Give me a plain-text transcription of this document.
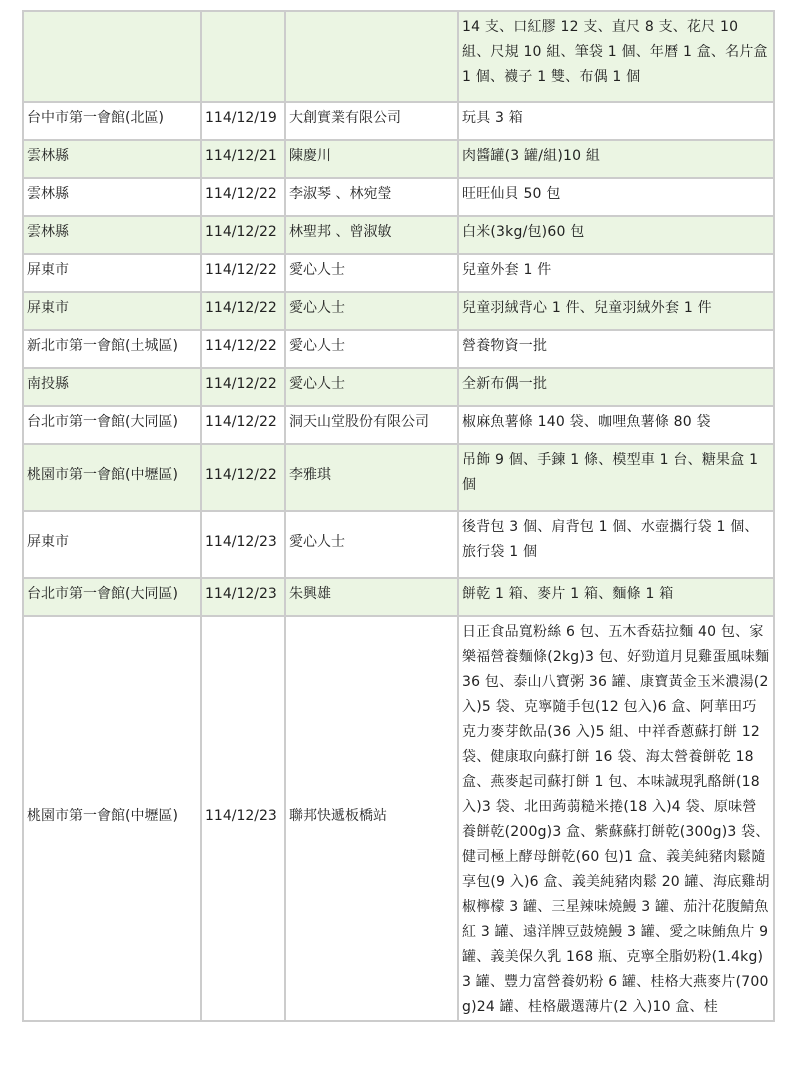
			14 支、口紅膠 12 支、直尺 8 支、花尺 10 組、尺規 10 組、筆袋 1 個、年曆 1 盒、名片盒 1 個、襪子 1 雙、布偶 1 個
台中市第一會館(北區)	114/12/19	大創實業有限公司	玩具 3 箱
雲林縣	114/12/21	陳慶川	肉醬罐(3 罐/組)10 組
雲林縣	114/12/22	李淑琴 、林宛瑩	旺旺仙貝 50 包
雲林縣	114/12/22	林聖邦 、曾淑敏	白米(3kg/包)60 包
屏東市	114/12/22	愛心人士	兒童外套 1 件
屏東市	114/12/22	愛心人士	兒童羽絨背心 1 件、兒童羽絨外套 1 件
新北市第一會館(土城區)	114/12/22	愛心人士	營養物資一批
南投縣	114/12/22	愛心人士	全新布偶一批
台北市第一會館(大同區)	114/12/22	洞天山堂股份有限公司	椒麻魚薯條 140 袋、咖哩魚薯條 80 袋
桃園市第一會館(中壢區)	114/12/22	李雅琪	吊飾 9 個、手鍊 1 條、模型車 1 台、糖果盒 1 個
屏東市	114/12/23	愛心人士	後背包 3 個、肩背包 1 個、水壺攜行袋 1 個、旅行袋 1 個
台北市第一會館(大同區)	114/12/23	朱興雄	餅乾 1 箱、麥片 1 箱、麵條 1 箱
桃園市第一會館(中壢區)	114/12/23	聯邦快遞板橋站	日正食品寬粉絲 6 包、五木香菇拉麵 40 包、家樂福營養麵條(2kg)3 包、好勁道月見雞蛋風味麵 36 包、泰山八寶粥 36 罐、康寶黃金玉米濃湯(2 入)5 袋、克寧隨手包(12 包入)6 盒、阿華田巧克力麥芽飲品(36 入)5 組、中祥香蔥蘇打餅 12 袋、健康取向蘇打餅 16 袋、海太營養餅乾 18 盒、燕麥起司蘇打餅 1 包、本味誠現乳酪餅(18 入)3 袋、北田蒟蒻糙米捲(18 入)4 袋、原味營養餅乾(200g)3 盒、紫蘇蘇打餅乾(300g)3 袋、健司極上酵母餅乾(60 包)1 盒、義美純豬肉鬆隨享包(9 入)6 盒、義美純豬肉鬆 20 罐、海底雞胡椒檸檬 3 罐、三星辣味燒鰻 3 罐、茄汁花腹鯖魚紅 3 罐、遠洋牌豆鼓燒鰻 3 罐、愛之味鮪魚片 9 罐、義美保久乳 168 瓶、克寧全脂奶粉(1.4kg)3 罐、豐力富營養奶粉 6 罐、桂格大燕麥片(700g)24 罐、桂格嚴選薄片(2 入)10 盒、桂
